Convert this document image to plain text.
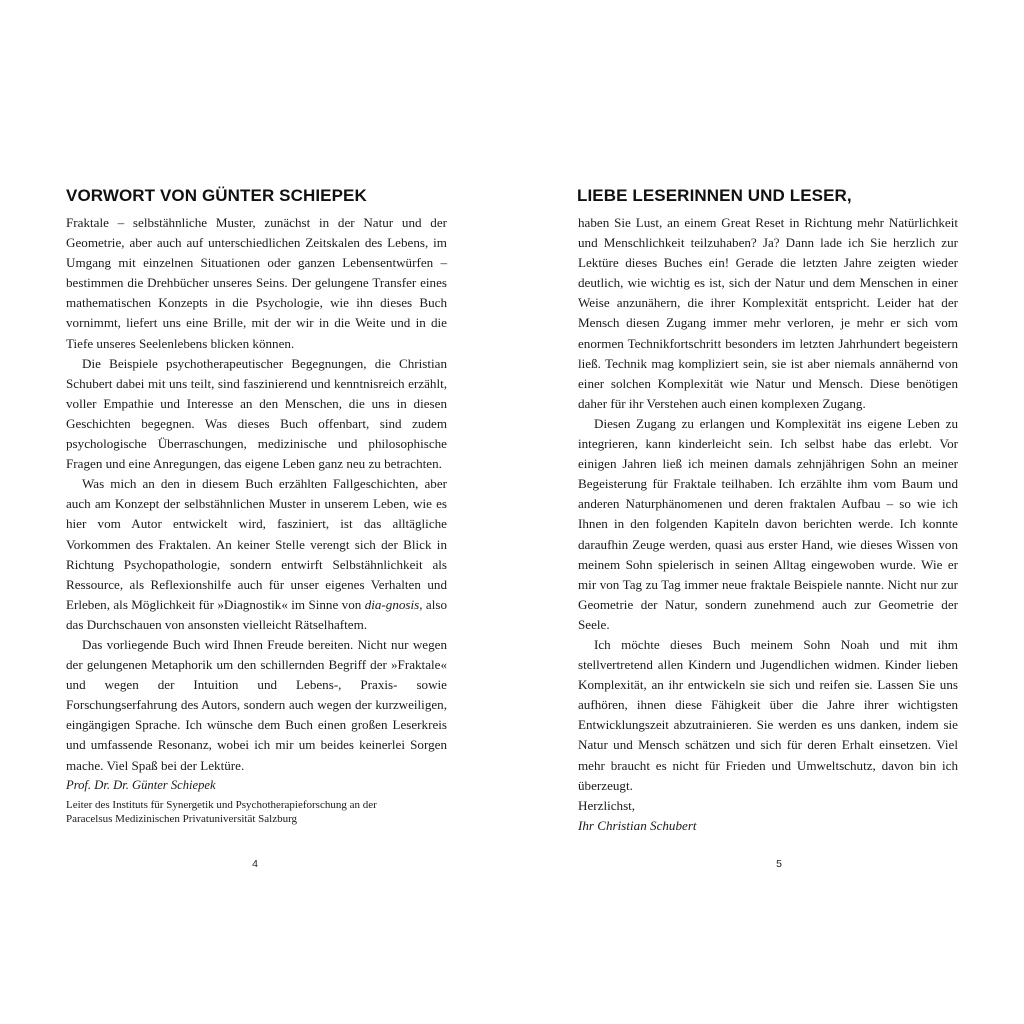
VORWORT VON GÜNTER SCHIEPEK

Fraktale – selbstähnliche Muster, zunächst in der Natur und der Geometrie, aber auch auf unterschiedlichen Zeitskalen des Lebens, im Umgang mit einzelnen Situationen oder ganzen Lebensentwürfen – bestimmen die Drehbücher unseres Seins. Der gelungene Transfer eines mathematischen Konzepts in die Psychologie, wie ihn dieses Buch vornimmt, liefert uns eine Brille, mit der wir in die Weite und in die Tiefe unseres Seelenlebens blicken können.

Die Beispiele psychotherapeutischer Begegnungen, die Christian Schubert dabei mit uns teilt, sind faszinierend und kenntnisreich erzählt, voller Empathie und Interesse an den Menschen, die uns in diesen Geschichten begegnen. Was dieses Buch offenbart, sind zudem psychologische Überraschungen, medizinische und philosophische Fragen und eine Anregungen, das eigene Leben ganz neu zu betrachten.

Was mich an den in diesem Buch erzählten Fallgeschichten, aber auch am Konzept der selbstähnlichen Muster in unserem Leben, wie es hier vom Autor entwickelt wird, fasziniert, ist das alltägliche Vorkommen des Fraktalen. An keiner Stelle verengt sich der Blick in Richtung Psychopathologie, sondern entwirft Selbstähnlichkeit als Ressource, als Reflexionshilfe auch für unser eigenes Verhalten und Erleben, als Möglichkeit für »Diagnostik« im Sinne von dia-gnosis, also das Durchschauen von ansonsten vielleicht Rätselhaftem.

Das vorliegende Buch wird Ihnen Freude bereiten. Nicht nur wegen der gelungenen Metaphorik um den schillernden Begriff der »Fraktale« und wegen der Intuition und Lebens-, Praxis- sowie Forschungserfahrung des Autors, sondern auch wegen der kurzweiligen, eingängigen Sprache. Ich wünsche dem Buch einen großen Leserkreis und umfassende Resonanz, wobei ich mir um beides keinerlei Sorgen mache. Viel Spaß bei der Lektüre.

Prof. Dr. Dr. Günter Schiepek

Leiter des Instituts für Synergetik und Psychotherapieforschung an der
Paracelsus Medizinischen Privatuniversität Salzburg
4
LIEBE LESERINNEN UND LESER,

haben Sie Lust, an einem Great Reset in Richtung mehr Natürlichkeit und Menschlichkeit teilzuhaben? Ja? Dann lade ich Sie herzlich zur Lektüre dieses Buches ein! Gerade die letzten Jahre zeigten wieder deutlich, wie wichtig es ist, sich der Natur und dem Menschen in einer Weise anzunähern, die ihrer Komplexität entspricht. Leider hat der Mensch diesen Zugang immer mehr verloren, je mehr er sich vom enormen Technikfortschritt besonders im letzten Jahrhundert begeistern ließ. Technik mag kompliziert sein, sie ist aber niemals annähernd von einer solchen Komplexität wie Natur und Mensch. Diese benötigen daher für ihr Verstehen auch einen komplexen Zugang.

Diesen Zugang zu erlangen und Komplexität ins eigene Leben zu integrieren, kann kinderleicht sein. Ich selbst habe das erlebt. Vor einigen Jahren ließ ich meinen damals zehnjährigen Sohn an meiner Begeisterung für Fraktale teilhaben. Ich erzählte ihm vom Baum und anderen Naturphänomenen und deren fraktalen Aufbau – so wie ich Ihnen in den folgenden Kapiteln davon berichten werde. Ich konnte daraufhin Zeuge werden, quasi aus erster Hand, wie dieses Wissen von meinem Sohn spielerisch in seinen Alltag eingewoben wurde. Wie er mir von Tag zu Tag immer neue fraktale Beispiele nannte. Nicht nur zur Geometrie der Natur, sondern zunehmend auch zur Geometrie der Seele.

Ich möchte dieses Buch meinem Sohn Noah und mit ihm stellvertretend allen Kindern und Jugendlichen widmen. Kinder lieben Komplexität, an ihr entwickeln sie sich und reifen sie. Lassen Sie uns aufhören, ihnen diese Fähigkeit über die Jahre ihrer wichtigsten Entwicklungszeit abzutrainieren. Sie werden es uns danken, indem sie Natur und Mensch schätzen und sich für deren Erhalt einsetzen. Viel mehr braucht es nicht für Frieden und Umweltschutz, davon bin ich überzeugt.

Herzlichst,

Ihr Christian Schubert

5
